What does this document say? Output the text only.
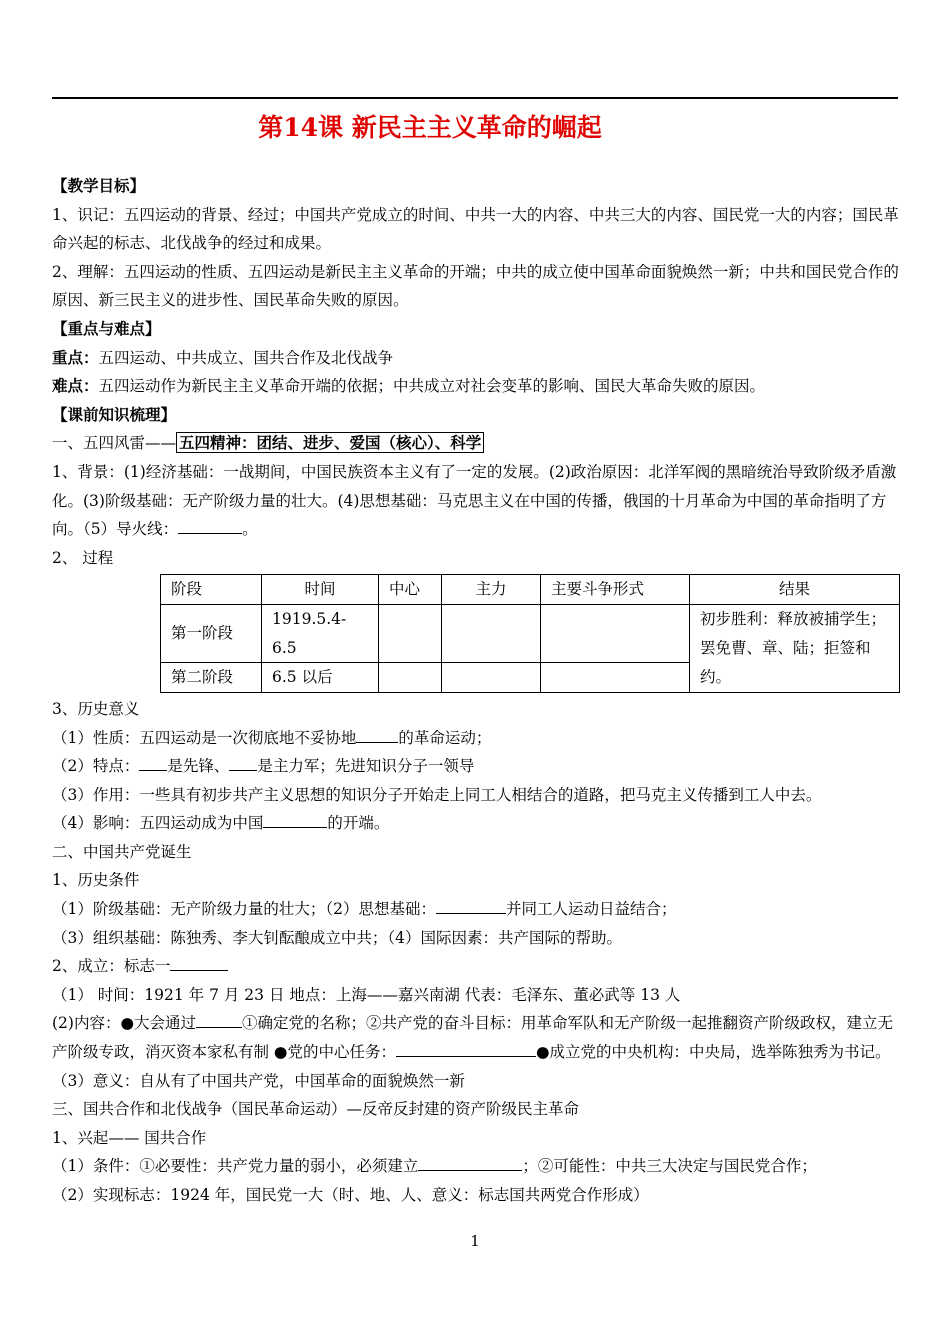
第14课 新民主主义革命的崛起

【教学目标】

1、识记：五四运动的背景、经过；中国共产党成立的时间、中共一大的内容、中共三大的内容、国民党一大的内容；国民革命兴起的标志、北伐战争的经过和成果。

2、理解：五四运动的性质、五四运动是新民主主义革命的开端；中共的成立使中国革命面貌焕然一新；中共和国民党合作的原因、新三民主义的进步性、国民革命失败的原因。

【重点与难点】

重点：五四运动、中共成立、国共合作及北伐战争

难点：五四运动作为新民主主义革命开端的依据；中共成立对社会变革的影响、国民大革命失败的原因。

【课前知识梳理】

一、五四风雷—— 五四精神：团结、进步、爱国（核心）、科学

1、背景：(1)经济基础：一战期间，中国民族资本主义有了一定的发展。(2)政治原因：北洋军阀的黑暗统治导致阶级矛盾激化。(3)阶级基础：无产阶级力量的壮大。(4)思想基础：马克思主义在中国的传播，俄国的十月革命为中国的革命指明了方向。（5）导火线：	。

2、 过程

阶段	时间	中心	主力	主要斗争形式	结果
第一阶段	1919.5.4-6.5				初步胜利：释放被捕学生；罢免曹、章、陆；拒签和约。
第二阶段	6.5 以后				

3、历史意义

（1）性质：五四运动是一次彻底地不妥协地	的革命运动；

（2）特点： 是先锋、 是主力军；先进知识分子一领导

（3）作用：一些具有初步共产主义思想的知识分子开始走上同工人相结合的道路，把马克主义传播到工人中去。

（4）影响：五四运动成为中国	的开端。

二、中国共产党诞生

1、历史条件

（1）阶级基础：无产阶级力量的壮大；（2）思想基础：	并同工人运动日益结合；

（3）组织基础：陈独秀、李大钊酝酿成立中共；（4）国际因素：共产国际的帮助。

2、成立：标志一

（1） 时间：1921 年 7 月 23 日 地点：上海——嘉兴南湖 代表：毛泽东、董必武等 13 人

(2)内容：●大会通过	①确定党的名称；②共产党的奋斗目标：用革命军队和无产阶级一起推翻资产阶级政权，建立无产阶级专政，消灭资本家私有制 ●党的中心任务：	●成立党的中央机构：中央局，选举陈独秀为书记。

（3）意义：自从有了中国共产党，中国革命的面貌焕然一新

三、国共合作和北伐战争（国民革命运动）—反帝反封建的资产阶级民主革命

1、兴起—— 国共合作

（1）条件：①必要性：共产党力量的弱小，必须建立	；②可能性：中共三大决定与国民党合作；

（2）实现标志：1924 年，国民党一大（时、地、人、意义：标志国共两党合作形成）

1
